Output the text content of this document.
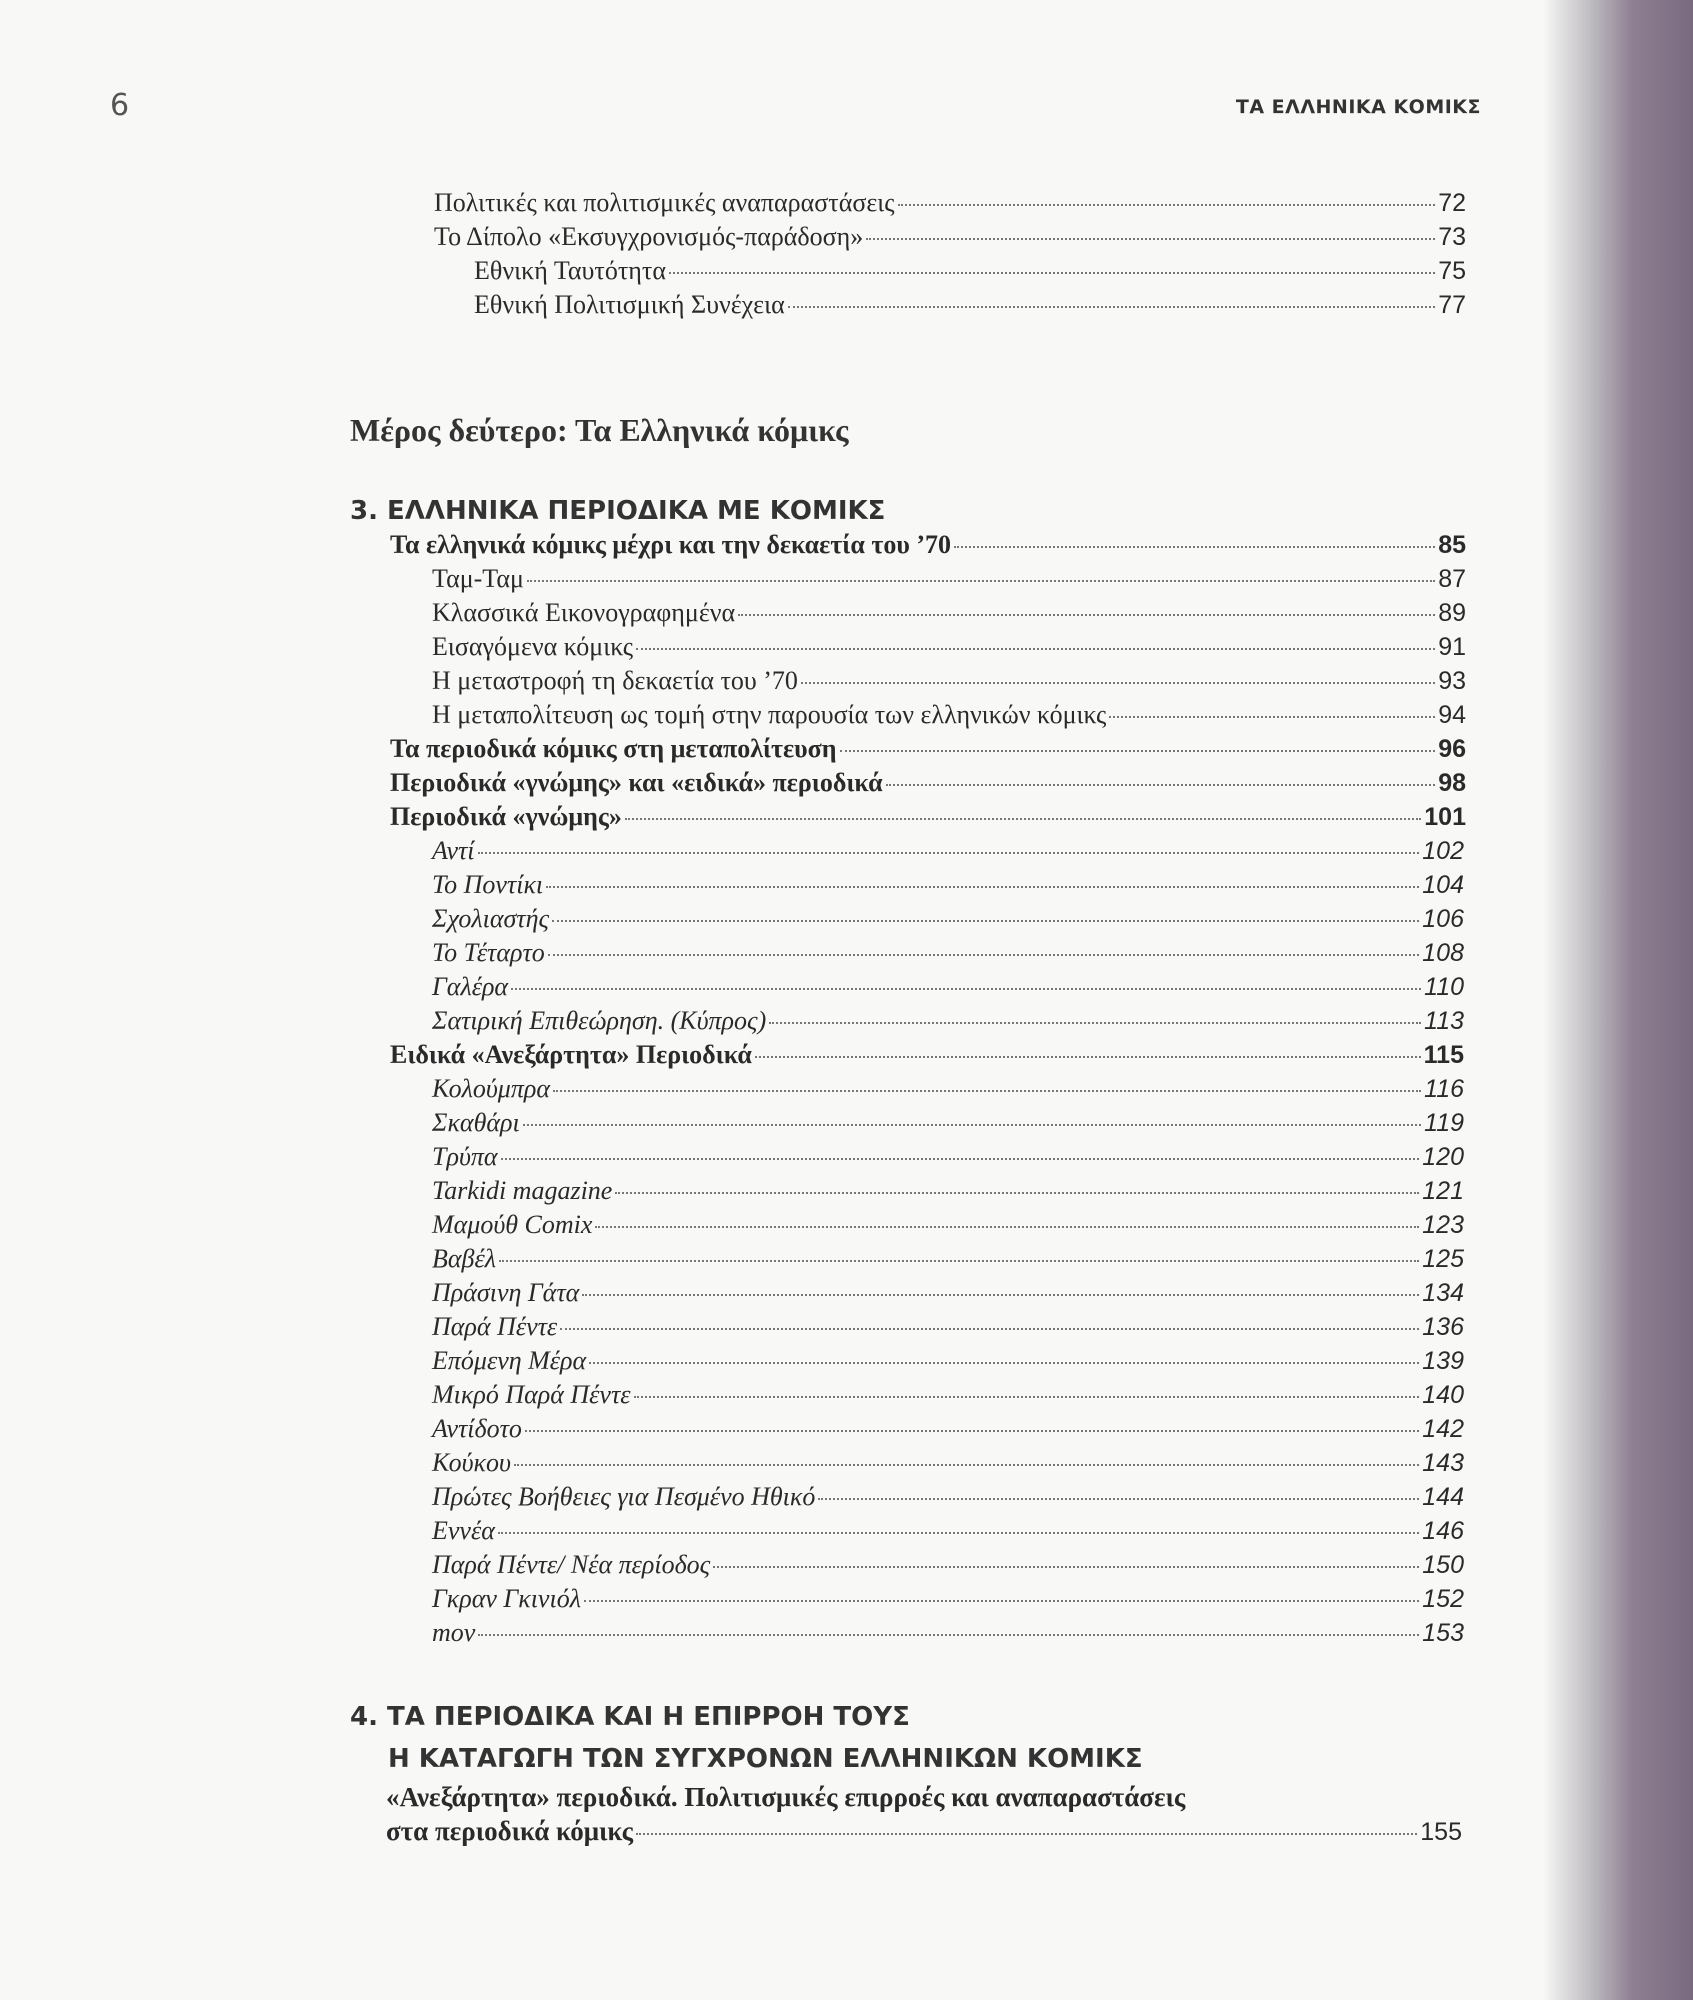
6	ΤΑ ΕΛΛΗΝΙΚΑ ΚΟΜΙΚΣ
Πολιτικές και πολιτισμικές αναπαραστάσεις	72
Το Δίπολο «Εκσυγχρονισμός-παράδοση»	73
Εθνική Ταυτότητα	75
Εθνική Πολιτισμική Συνέχεια	77
Μέρος δεύτερο: Τα Ελληνικά κόμικς
3. ΕΛΛΗΝΙΚΑ ΠΕΡΙΟΔΙΚΑ ΜΕ ΚΟΜΙΚΣ
Τα ελληνικά κόμικς μέχρι και την δεκαετία του ’70	85
Ταμ-Ταμ	87
Κλασσικά Εικονογραφημένα	89
Εισαγόμενα κόμικς	91
Η μεταστροφή τη δεκαετία του ’70	93
Η μεταπολίτευση ως τομή στην παρουσία των ελληνικών κόμικς	94
Τα περιοδικά κόμικς στη μεταπολίτευση	96
Περιοδικά «γνώμης» και «ειδικά» περιοδικά	98
Περιοδικά «γνώμης»	101
Αντί	102
Το Ποντίκι	104
Σχολιαστής	106
Το Τέταρτο	108
Γαλέρα	110
Σατιρική Επιθεώρηση. (Κύπρος)	113
Ειδικά «Ανεξάρτητα» Περιοδικά	115
Κολούμπρα	116
Σκαθάρι	119
Τρύπα	120
Tarkidi magazine	121
Μαμούθ Comix	123
Βαβέλ	125
Πράσινη Γάτα	134
Παρά Πέντε	136
Επόμενη Μέρα	139
Μικρό Παρά Πέντε	140
Αντίδοτο	142
Κούκου	143
Πρώτες Βοήθειες για Πεσμένο Ηθικό	144
Εννέα	146
Παρά Πέντε/ Νέα περίοδος	150
Γκραν Γκινιόλ	152
mov	153
4. ΤΑ ΠΕΡΙΟΔΙΚΑ ΚΑΙ Η ΕΠΙΡΡΟΗ ΤΟΥΣ
Η ΚΑΤΑΓΩΓΗ ΤΩΝ ΣΥΓΧΡΟΝΩΝ ΕΛΛΗΝΙΚΩΝ ΚΟΜΙΚΣ
«Ανεξάρτητα» περιοδικά. Πολιτισμικές επιρροές και αναπαραστάσεις
στα περιοδικά κόμικς	155
